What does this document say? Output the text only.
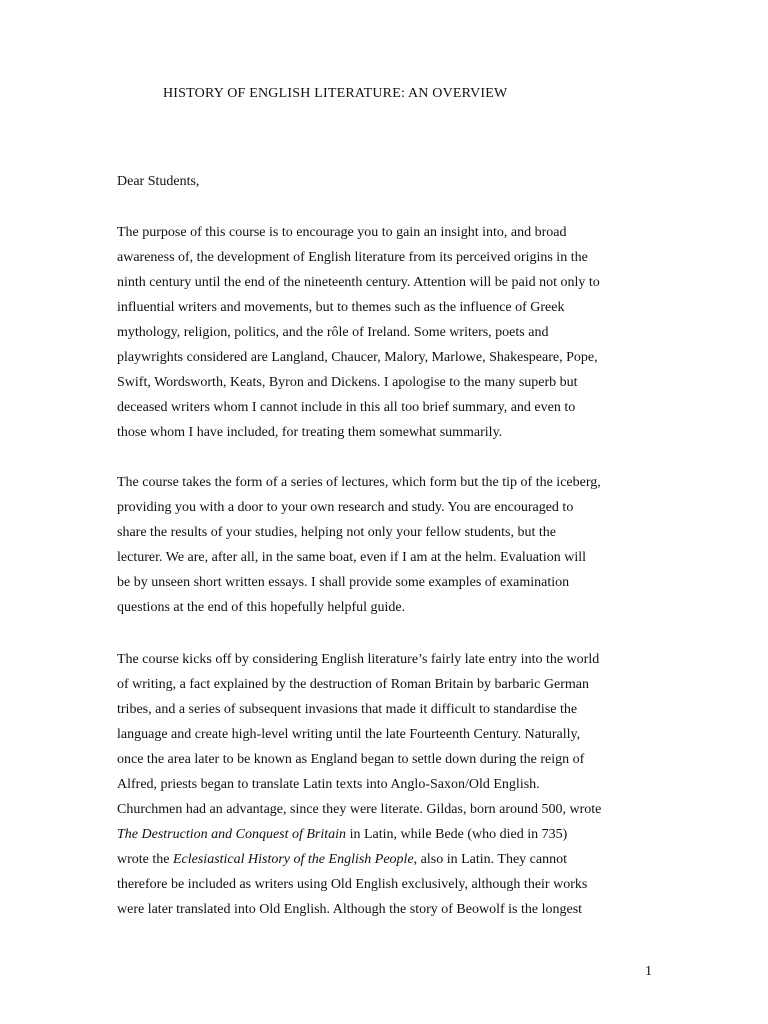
HISTORY OF ENGLISH LITERATURE: AN OVERVIEW
Dear Students,
The purpose of this course is to encourage you to gain an insight into, and broad
awareness of, the development of English literature from its perceived origins in the
ninth century until the end of the nineteenth century. Attention will be paid not only to
influential writers and movements, but to themes such as the influence of Greek
mythology, religion, politics, and the rôle of Ireland. Some writers, poets and
playwrights considered are Langland, Chaucer, Malory, Marlowe, Shakespeare, Pope,
Swift, Wordsworth, Keats, Byron and Dickens. I apologise to the many superb but
deceased writers whom I cannot include in this all too brief summary, and even to
those whom I have included, for treating them somewhat summarily.
The course takes the form of a series of lectures, which form but the tip of the iceberg,
providing you with a door to your own research and study. You are encouraged to
share the results of your studies, helping not only your fellow students, but the
lecturer. We are, after all, in the same boat, even if I am at the helm. Evaluation will
be by unseen short written essays. I shall provide some examples of examination
questions at the end of this hopefully helpful guide.
The course kicks off by considering English literature’s fairly late entry into the world
of writing, a fact explained by the destruction of Roman Britain by barbaric German
tribes, and a series of subsequent invasions that made it difficult to standardise the
language and create high-level writing until the late Fourteenth Century. Naturally,
once the area later to be known as England began to settle down during the reign of
Alfred, priests began to translate Latin texts into Anglo-Saxon/Old English.
Churchmen had an advantage, since they were literate. Gildas, born around 500, wrote
The Destruction and Conquest of Britain in Latin, while Bede (who died in 735)
wrote the Eclesiastical History of the English People, also in Latin. They cannot
therefore be included as writers using Old English exclusively, although their works
were later translated into Old English. Although the story of Beowolf is the longest
1
